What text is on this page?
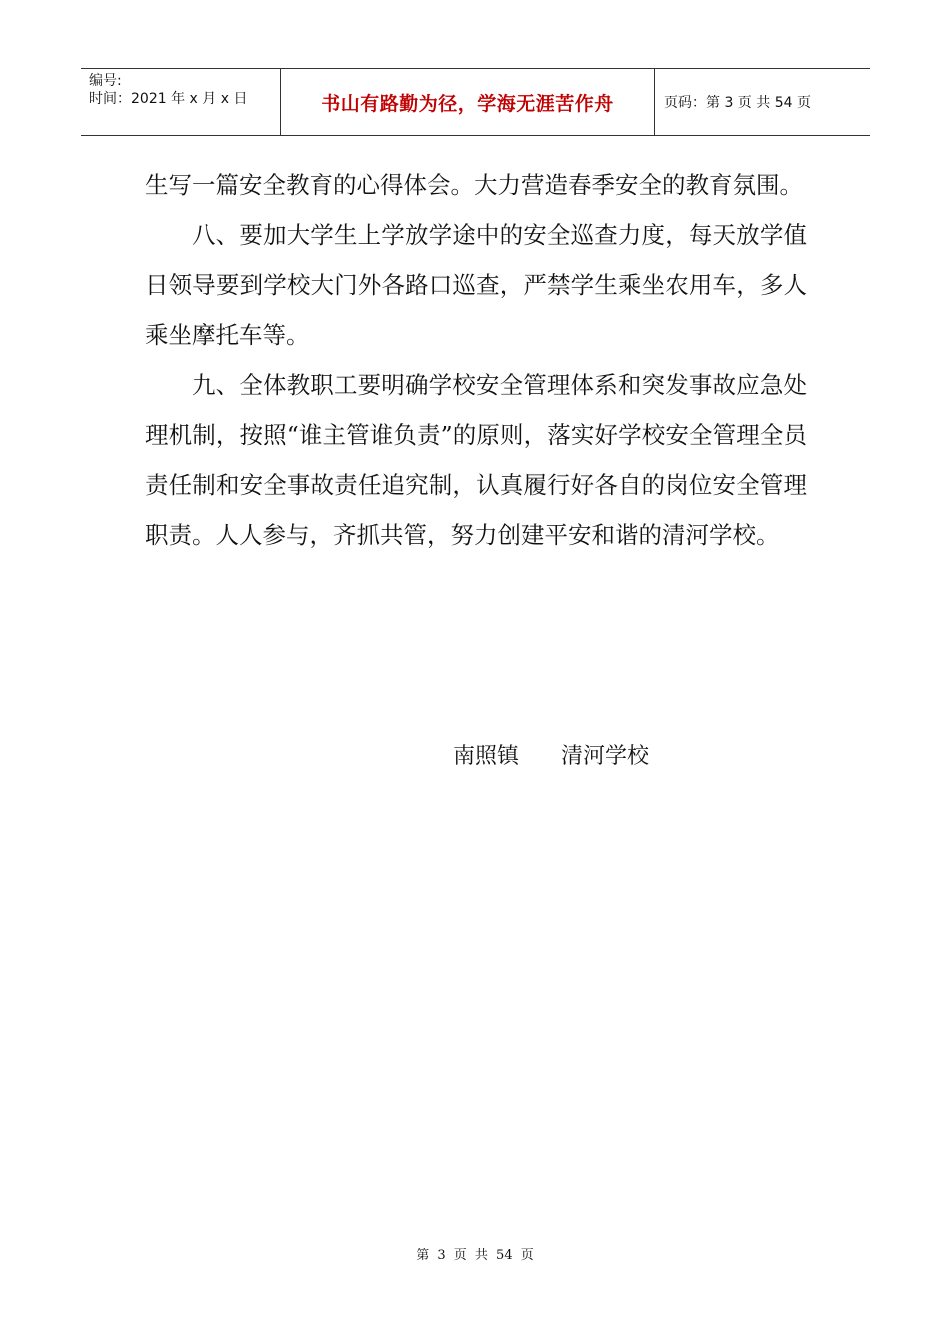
编号:
时间：2021 年 x 月 x 日	书山有路勤为径，学海无涯苦作舟	页码：第 3 页 共 54 页

生写一篇安全教育的心得体会。大力营造春季安全的教育氛围。

八、要加大学生上学放学途中的安全巡查力度，每天放学值日领导要到学校大门外各路口巡查，严禁学生乘坐农用车，多人乘坐摩托车等。

九、全体教职工要明确学校安全管理体系和突发事故应急处理机制，按照“谁主管谁负责”的原则，落实好学校安全管理全员责任制和安全事故责任追究制，认真履行好各自的岗位安全管理职责。人人参与，齐抓共管，努力创建平安和谐的清河学校。

南照镇      清河学校
第 3 页 共 54 页
